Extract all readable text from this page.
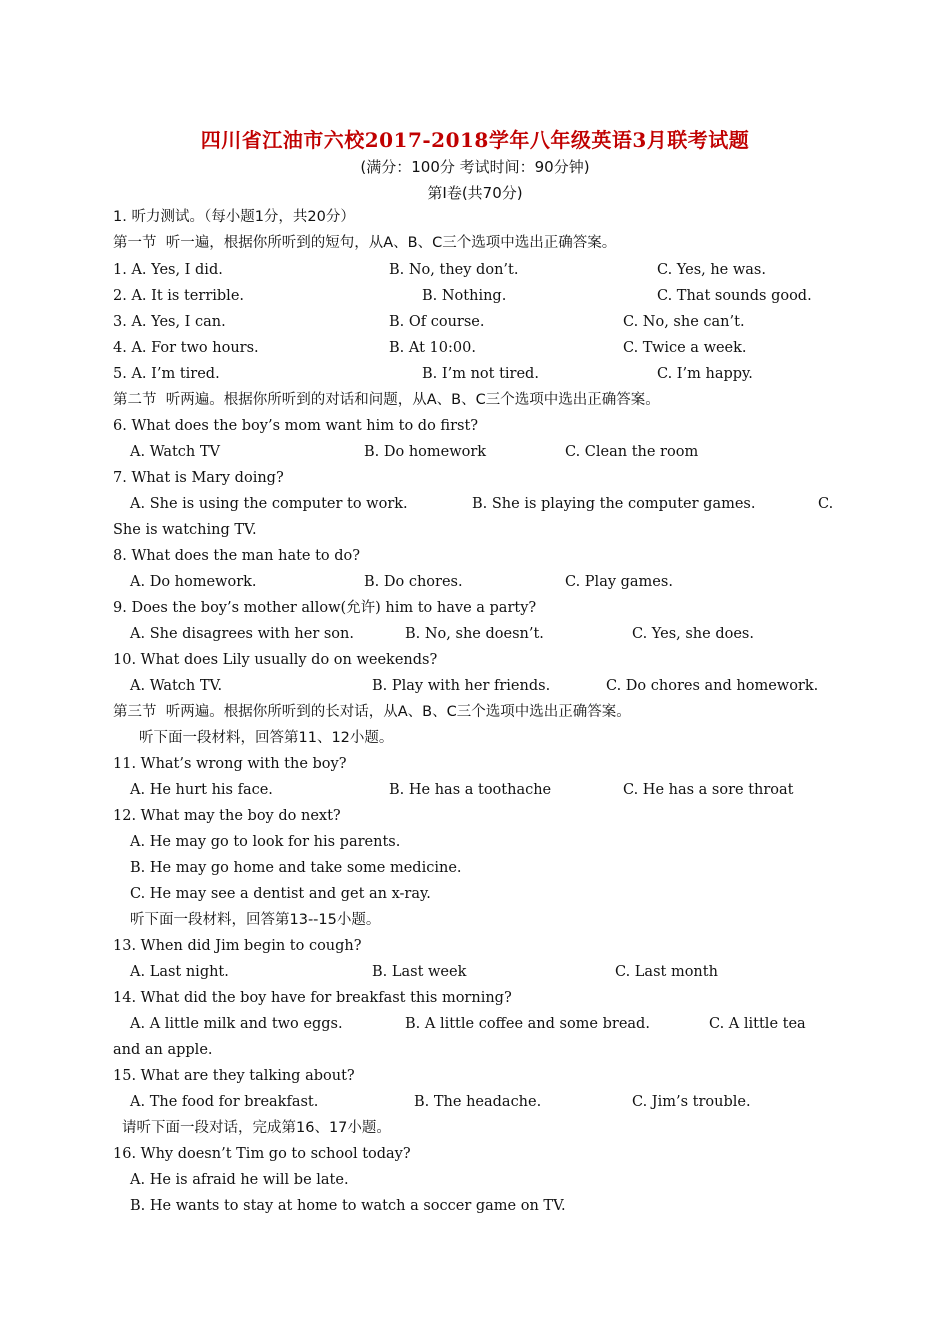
四川省江油市六校2017-2018学年八年级英语3月联考试题
(满分：100分 考试时间：90分钟)
第I卷(共70分)
1. 听力测试。（每小题1分，共20分）
第一节  听一遍，根据你所听到的短句，从A、B、C三个选项中选出正确答案。
1. A. Yes, I did.	B. No, they don’t.	C. Yes, he was.
2. A. It is terrible.	B. Nothing.	C. That sounds good.
3. A. Yes, I can.	B. Of course.	C. No, she can’t.
4. A. For two hours.	B. At 10:00.	C. Twice a week.
5. A. I’m tired.	B. I’m not tired.	C. I’m happy.
第二节  听两遍。根据你所听到的对话和问题，从A、B、C三个选项中选出正确答案。
6. What does the boy’s mom want him to do first?
A. Watch TV	B. Do homework	C. Clean the room
7. What is Mary doing?
A. She is using the computer to work.	B. She is playing the computer games.	C.
She is watching TV.
8. What does the man hate to do?
A. Do homework.	B. Do chores.	C. Play games.
9. Does the boy’s mother allow(允许) him to have a party?
A. She disagrees with her son.	B. No, she doesn’t.	C. Yes, she does.
10. What does Lily usually do on weekends?
A. Watch TV.	B. Play with her friends.	C. Do chores and homework.
第三节  听两遍。根据你所听到的长对话，从A、B、C三个选项中选出正确答案。
听下面一段材料，回答第11、12小题。
11. What’s wrong with the boy?
A. He hurt his face.	B. He has a toothache	C. He has a sore throat
12. What may the boy do next?
A. He may go to look for his parents.
B. He may go home and take some medicine.
C. He may see a dentist and get an x-ray.
听下面一段材料，回答第13--15小题。
13. When did Jim begin to cough?
A. Last night.	B. Last week	C. Last month
14. What did the boy have for breakfast this morning?
A. A little milk and two eggs.	B. A little coffee and some bread.	C. A little tea
and an apple.
15. What are they talking about?
A. The food for breakfast.	B. The headache.	C. Jim’s trouble.
请听下面一段对话，完成第16、17小题。
16. Why doesn’t Tim go to school today?
A. He is afraid he will be late.
B. He wants to stay at home to watch a soccer game on TV.
